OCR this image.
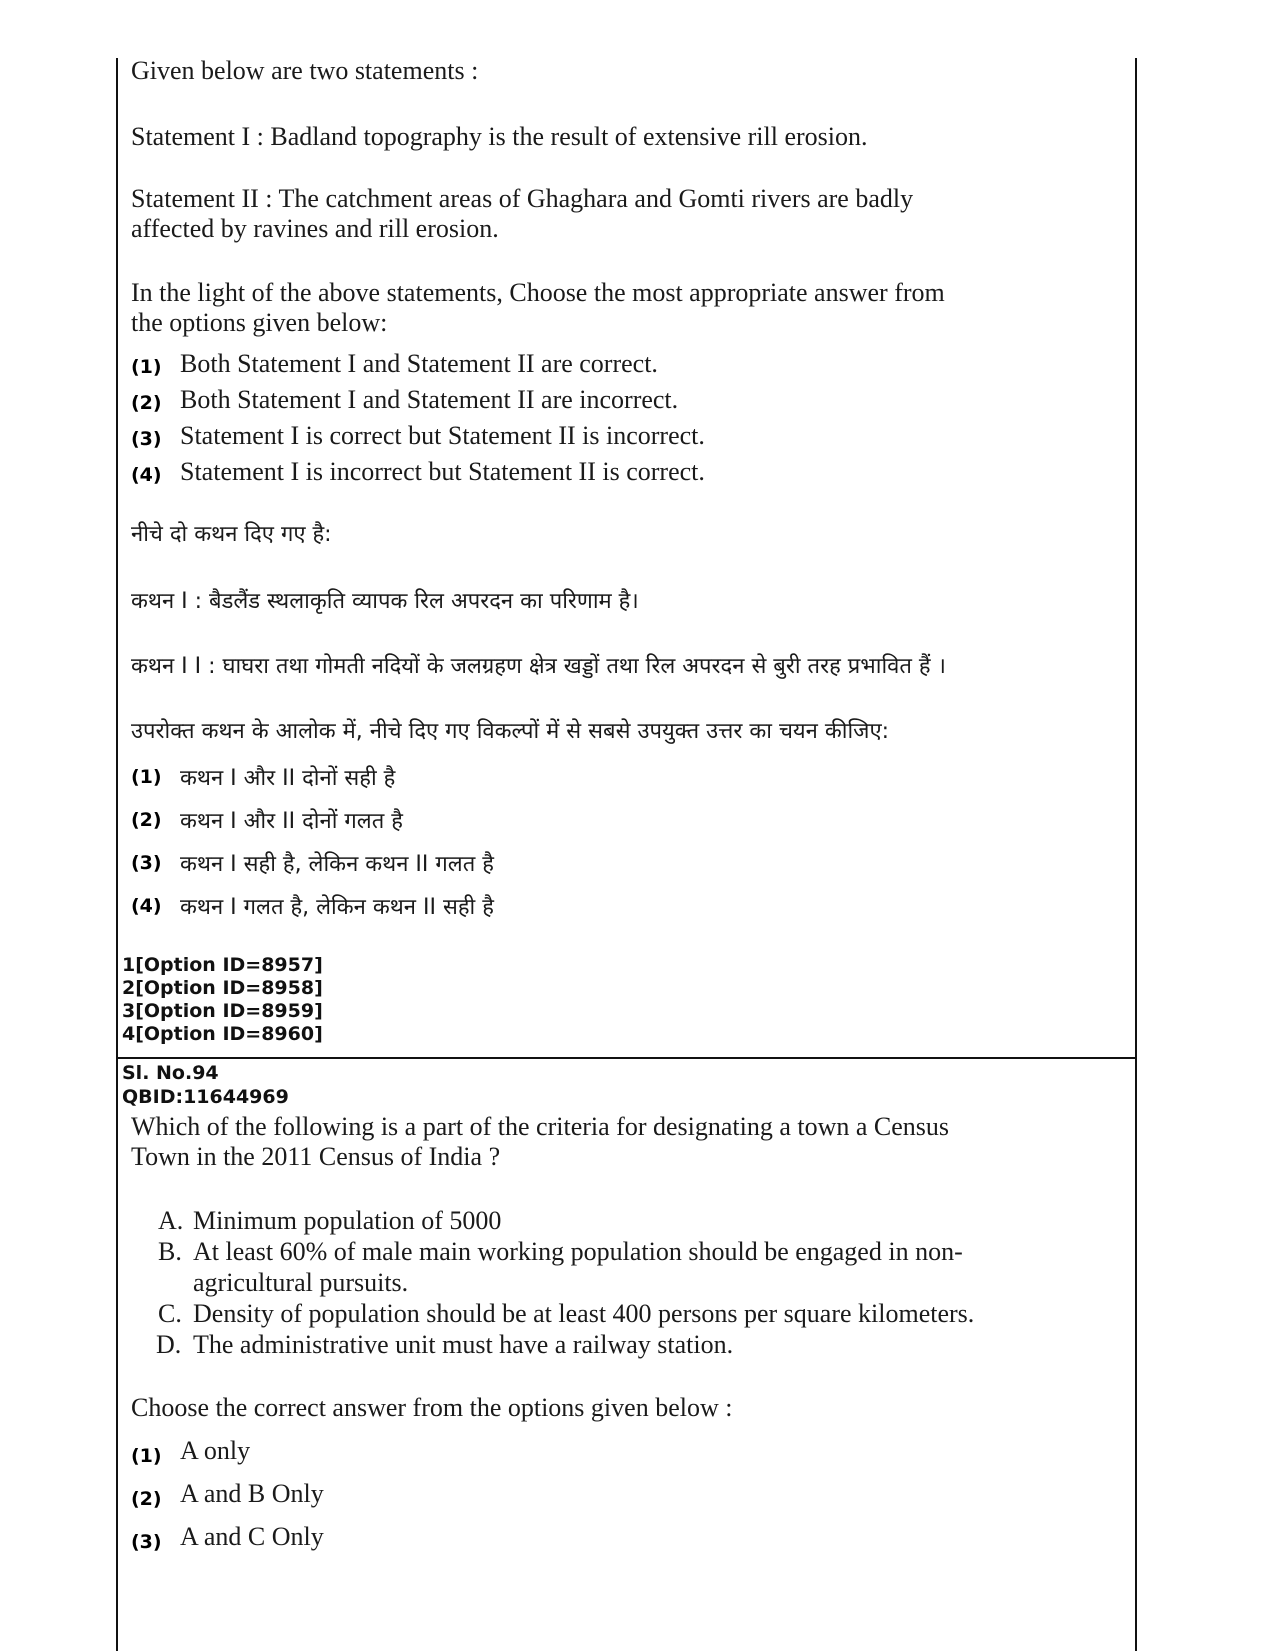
Given below are two statements :
Statement I : Badland topography is the result of extensive rill erosion.
Statement II : The catchment areas of Ghaghara and Gomti rivers are badly
affected by ravines and rill erosion.
In the light of the above statements, Choose the most appropriate answer from
the options given below:
(1) Both Statement I and Statement II are correct.
(2) Both Statement I and Statement II are incorrect.
(3) Statement I is correct but Statement II is incorrect.
(4) Statement I is incorrect but Statement II is correct.
नीचे दो कथन दिए गए है:
कथन I : बैडलैंड स्थलाकृति व्यापक रिल अपरदन का परिणाम है।
कथन I I : घाघरा तथा गोमती नदियों के जलग्रहण क्षेत्र खड्डों तथा रिल अपरदन से बुरी तरह प्रभावित हैं ।
उपरोक्त कथन के आलोक में, नीचे दिए गए विकल्पों में से सबसे उपयुक्त उत्तर का चयन कीजिए:
(1) कथन I और II दोनों सही है
(2) कथन I और II दोनों गलत है
(3) कथन I सही है, लेकिन कथन II गलत है
(4) कथन I गलत है, लेकिन कथन II सही है
1[Option ID=8957]
2[Option ID=8958]
3[Option ID=8959]
4[Option ID=8960]
Sl. No.94
QBID:11644969
Which of the following is a part of the criteria for designating a town a Census
Town in the 2011 Census of India ?
A. Minimum population of 5000
B. At least 60% of male main working population should be engaged in non-
agricultural pursuits.
C. Density of population should be at least 400 persons per square kilometers.
D. The administrative unit must have a railway station.
Choose the correct answer from the options given below :
(1) A only
(2) A and B Only
(3) A and C Only
